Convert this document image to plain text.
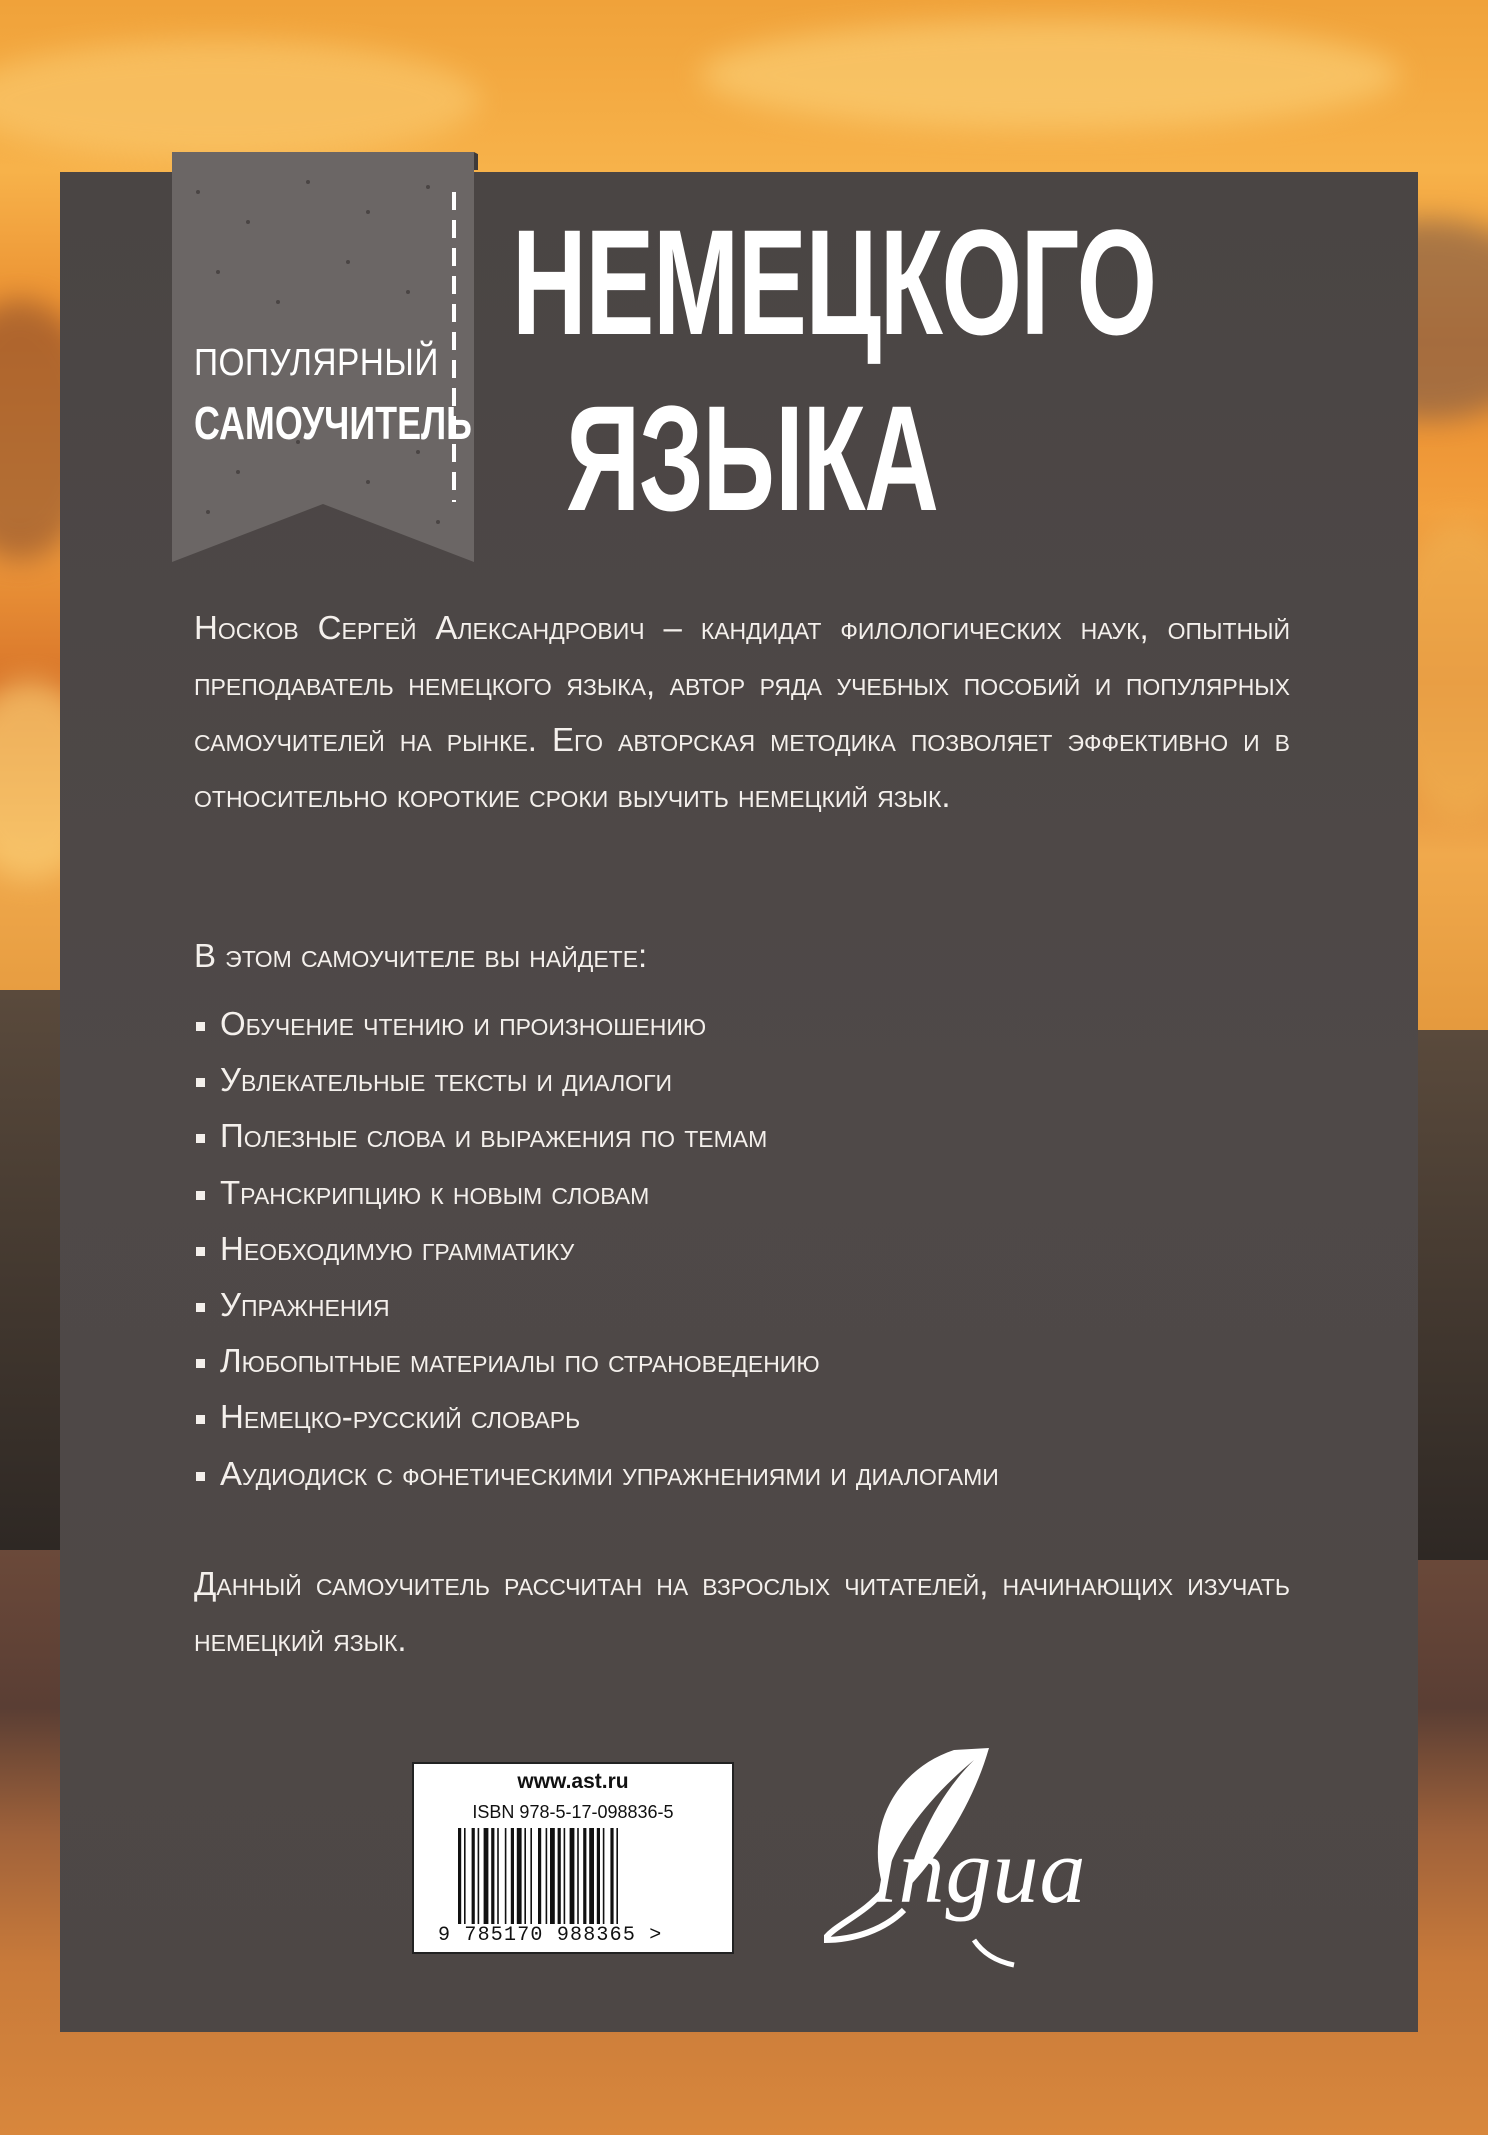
ПОПУЛЯРНЫЙ
САМОУЧИТЕЛЬ
НЕМЕЦКОГО
ЯЗЫКА
Носков Сергей Александрович – кандидат филологических наук, опытный преподаватель немецкого языка, автор ряда учебных пособий и популярных самоучителей на рынке. Его авторская методика позволяет эффективно и в относительно короткие сроки выучить немецкий язык.
В этом самоучителе вы найдете:
Обучение чтению и произношению
Увлекательные тексты и диалоги
Полезные слова и выражения по темам
Транскрипцию к новым словам
Необходимую грамматику
Упражнения
Любопытные материалы по страноведению
Немецко-русский словарь
Аудиодиск с фонетическими упражнениями и диалогами
Данный самоучитель рассчитан на взрослых читателей, начинающих изучать немецкий язык.
www.ast.ru
ISBN 978-5-17-098836-5
9 785170 988365 >
​ingua
